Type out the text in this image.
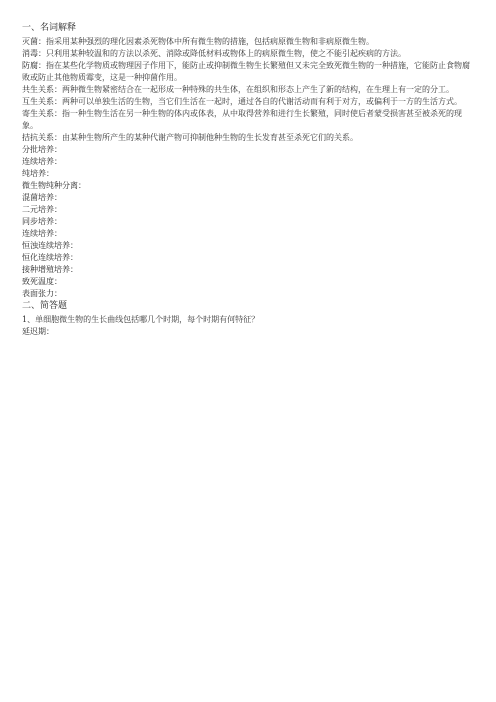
一、名词解释

灭菌：指采用某种强烈的理化因素杀死物体中所有微生物的措施，包括病原微生物和非病原微生物。

消毒：只利用某种较温和的方法以杀死、消除或降低材料或物体上的病原微生物，使之不能引起疾病的方法。

防腐：指在某些化学物质或物理因子作用下，能防止或抑制微生物生长繁殖但又未完全致死微生物的一种措施，它能防止食物腐败或防止其他物质霉变，这是一种抑菌作用。

共生关系：两种微生物紧密结合在一起形成一种特殊的共生体，在组织和形态上产生了新的结构，在生理上有一定的分工。

互生关系：两种可以单独生活的生物，当它们生活在一起时，通过各自的代谢活动而有利于对方，或偏利于一方的生活方式。

寄生关系：指一种生物生活在另一种生物的体内或体表，从中取得营养和进行生长繁殖，同时使后者蒙受损害甚至被杀死的现象。

拮抗关系：由某种生物所产生的某种代谢产物可抑制他种生物的生长发育甚至杀死它们的关系。

分批培养：

连续培养：

纯培养：

微生物纯种分离：

混菌培养：

二元培养：

同步培养：

连续培养：

恒浊连续培养：

恒化连续培养：

接种增殖培养：

致死温度：

表面张力：

二、简答题

1、单细胞微生物的生长曲线包括哪几个时期，每个时期有何特征？

延迟期：
